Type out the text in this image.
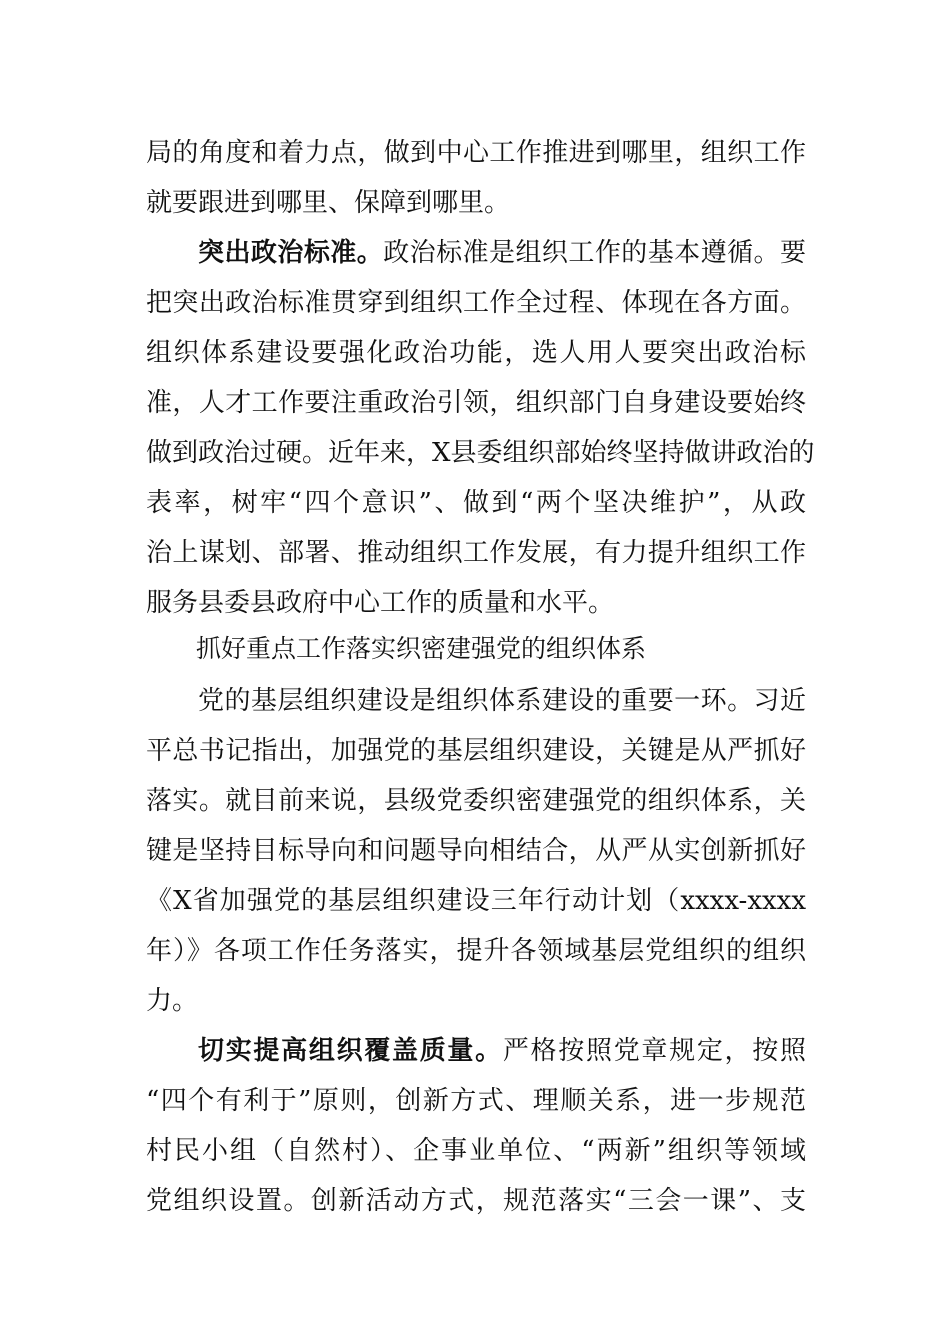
局的角度和着力点，做到中心工作推进到哪里，组织工作
就要跟进到哪里、保障到哪里。
突出政治标准。政治标准是组织工作的基本遵循。要
把突出政治标准贯穿到组织工作全过程、体现在各方面。
组织体系建设要强化政治功能，选人用人要突出政治标
准，人才工作要注重政治引领，组织部门自身建设要始终
做到政治过硬。近年来，X县委组织部始终坚持做讲政治的
表率，树牢“四个意识”、做到“两个坚决维护”，从政
治上谋划、部署、推动组织工作发展，有力提升组织工作
服务县委县政府中心工作的质量和水平。
抓好重点工作落实织密建强党的组织体系
党的基层组织建设是组织体系建设的重要一环。习近
平总书记指出，加强党的基层组织建设，关键是从严抓好
落实。就目前来说，县级党委织密建强党的组织体系，关
键是坚持目标导向和问题导向相结合，从严从实创新抓好
《X省加强党的基层组织建设三年行动计划（xxxx-xxxx
年）》各项工作任务落实，提升各领域基层党组织的组织
力。
切实提高组织覆盖质量。严格按照党章规定，按照
“四个有利于”原则，创新方式、理顺关系，进一步规范
村民小组（自然村）、企事业单位、“两新”组织等领域
党组织设置。创新活动方式，规范落实“三会一课”、支
